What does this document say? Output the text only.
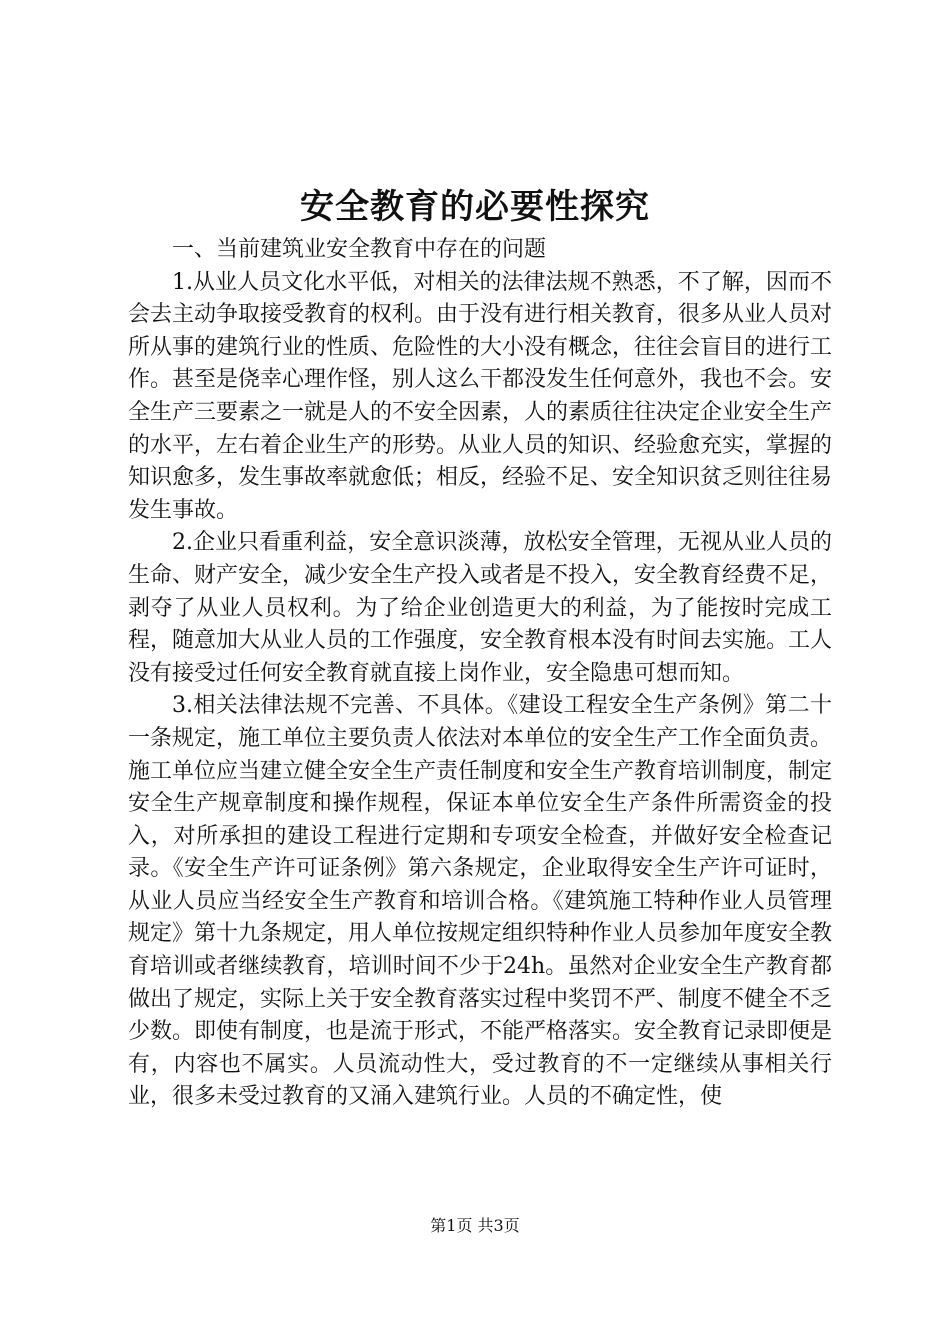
安全教育的必要性探究

一、当前建筑业安全教育中存在的问题

1.从业人员文化水平低，对相关的法律法规不熟悉，不了解，因而不会去主动争取接受教育的权利。由于没有进行相关教育，很多从业人员对所从事的建筑行业的性质、危险性的大小没有概念，往往会盲目的进行工作。甚至是侥幸心理作怪，别人这么干都没发生任何意外，我也不会。安全生产三要素之一就是人的不安全因素，人的素质往往决定企业安全生产的水平，左右着企业生产的形势。从业人员的知识、经验愈充实，掌握的知识愈多，发生事故率就愈低；相反，经验不足、安全知识贫乏则往往易发生事故。

2.企业只看重利益，安全意识淡薄，放松安全管理，无视从业人员的生命、财产安全，减少安全生产投入或者是不投入，安全教育经费不足，剥夺了从业人员权利。为了给企业创造更大的利益，为了能按时完成工程，随意加大从业人员的工作强度，安全教育根本没有时间去实施。工人没有接受过任何安全教育就直接上岗作业，安全隐患可想而知。

3.相关法律法规不完善、不具体。《建设工程安全生产条例》第二十一条规定，施工单位主要负责人依法对本单位的安全生产工作全面负责。施工单位应当建立健全安全生产责任制度和安全生产教育培训制度，制定安全生产规章制度和操作规程，保证本单位安全生产条件所需资金的投入，对所承担的建设工程进行定期和专项安全检查，并做好安全检查记录。《安全生产许可证条例》第六条规定，企业取得安全生产许可证时，从业人员应当经安全生产教育和培训合格。《建筑施工特种作业人员管理规定》第十九条规定，用人单位按规定组织特种作业人员参加年度安全教育培训或者继续教育，培训时间不少于24h。虽然对企业安全生产教育都做出了规定，实际上关于安全教育落实过程中奖罚不严、制度不健全不乏少数。即使有制度，也是流于形式，不能严格落实。安全教育记录即便是有，内容也不属实。人员流动性大，受过教育的不一定继续从事相关行业，很多未受过教育的又涌入建筑行业。人员的不确定性，使

第1页 共3页
